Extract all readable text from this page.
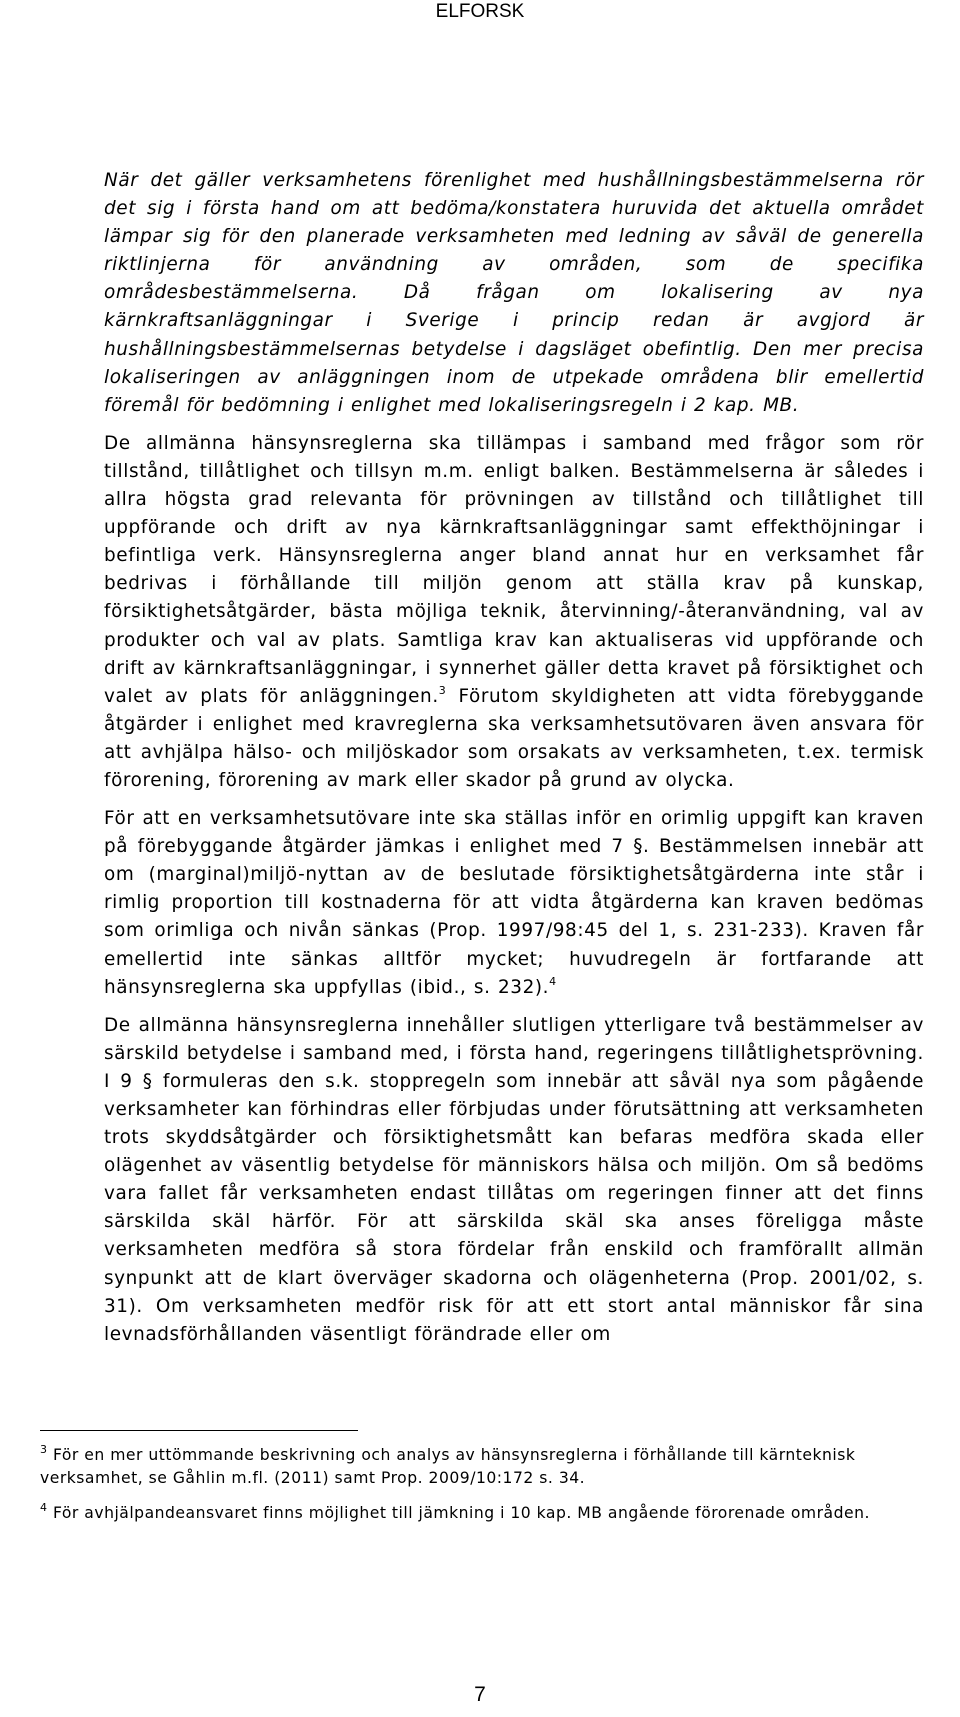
ELFORSK

När det gäller verksamhetens förenlighet med hushållningsbestämmelserna rör det sig i första hand om att bedöma/konstatera huruvida det aktuella området lämpar sig för den planerade verksamheten med ledning av såväl de generella riktlinjerna för användning av områden, som de specifika områdesbestämmelserna. Då frågan om lokalisering av nya kärnkraftsanläggningar i Sverige i princip redan är avgjord är hushållningsbestämmelsernas betydelse i dagsläget obefintlig. Den mer precisa lokaliseringen av anläggningen inom de utpekade områdena blir emellertid föremål för bedömning i enlighet med lokaliseringsregeln i 2 kap. MB.

De allmänna hänsynsreglerna ska tillämpas i samband med frågor som rör tillstånd, tillåtlighet och tillsyn m.m. enligt balken. Bestämmelserna är således i allra högsta grad relevanta för prövningen av tillstånd och tillåtlighet till uppförande och drift av nya kärnkraftsanläggningar samt effekthöjningar i befintliga verk. Hänsynsreglerna anger bland annat hur en verksamhet får bedrivas i förhållande till miljön genom att ställa krav på kunskap, försiktighetsåtgärder, bästa möjliga teknik, återvinning/-återanvändning, val av produkter och val av plats. Samtliga krav kan aktualiseras vid uppförande och drift av kärnkraftsanläggningar, i synnerhet gäller detta kravet på försiktighet och valet av plats för anläggningen.$^3$ Förutom skyldigheten att vidta förebyggande åtgärder i enlighet med kravreglerna ska verksamhetsutövaren även ansvara för att avhjälpa hälso- och miljöskador som orsakats av verksamheten, t.ex. termisk förorening, förorening av mark eller skador på grund av olycka.

För att en verksamhetsutövare inte ska ställas inför en orimlig uppgift kan kraven på förebyggande åtgärder jämkas i enlighet med 7 §. Bestämmelsen innebär att om (marginal)miljö-nyttan av de beslutade försiktighetsåtgärderna inte står i rimlig proportion till kostnaderna för att vidta åtgärderna kan kraven bedömas som orimliga och nivån sänkas (Prop. 1997/98:45 del 1, s. 231-233). Kraven får emellertid inte sänkas alltför mycket; huvudregeln är fortfarande att hänsynsreglerna ska uppfyllas (ibid., s. 232).$^4$

De allmänna hänsynsreglerna innehåller slutligen ytterligare två bestämmelser av särskild betydelse i samband med, i första hand, regeringens tillåtlighetsprövning. I 9 § formuleras den s.k. stoppregeln som innebär att såväl nya som pågående verksamheter kan förhindras eller förbjudas under förutsättning att verksamheten trots skyddsåtgärder och försiktighetsmått kan befaras medföra skada eller olägenhet av väsentlig betydelse för människors hälsa och miljön. Om så bedöms vara fallet får verksamheten endast tillåtas om regeringen finner att det finns särskilda skäl härför. För att särskilda skäl ska anses föreligga måste verksamheten medföra så stora fördelar från enskild och framförallt allmän synpunkt att de klart överväger skadorna och olägenheterna (Prop. 2001/02, s. 31). Om verksamheten medför risk för att ett stort antal människor får sina levnadsförhållanden väsentligt förändrade eller om

$^3$ För en mer uttömmande beskrivning och analys av hänsynsreglerna i förhållande till kärnteknisk verksamhet, se Gåhlin m.fl. (2011) samt Prop. 2009/10:172 s. 34.

$^4$ För avhjälpandeansvaret finns möjlighet till jämkning i 10 kap. MB angående förorenade områden.

7
